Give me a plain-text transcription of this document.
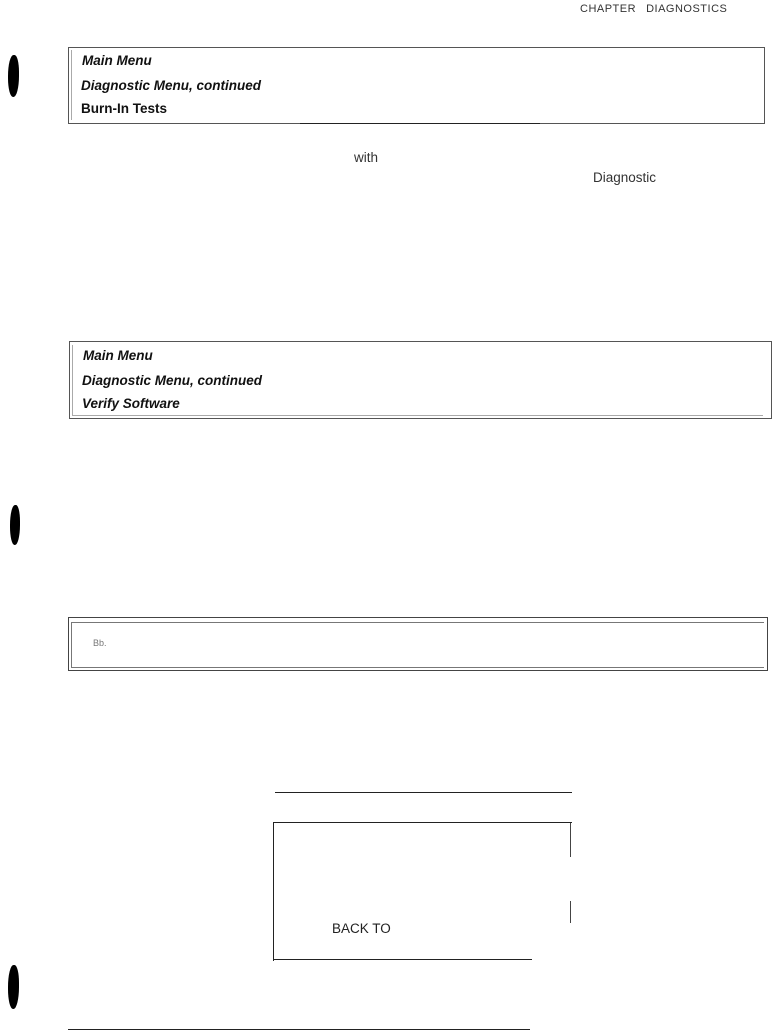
CHAPTER DIAGNOSTICS
Main Menu
Diagnostic Menu, continued
Burn-In Tests
with
Diagnostic
Main Menu
Diagnostic Menu, continued
Verify Software
Bb.
BACK TO
